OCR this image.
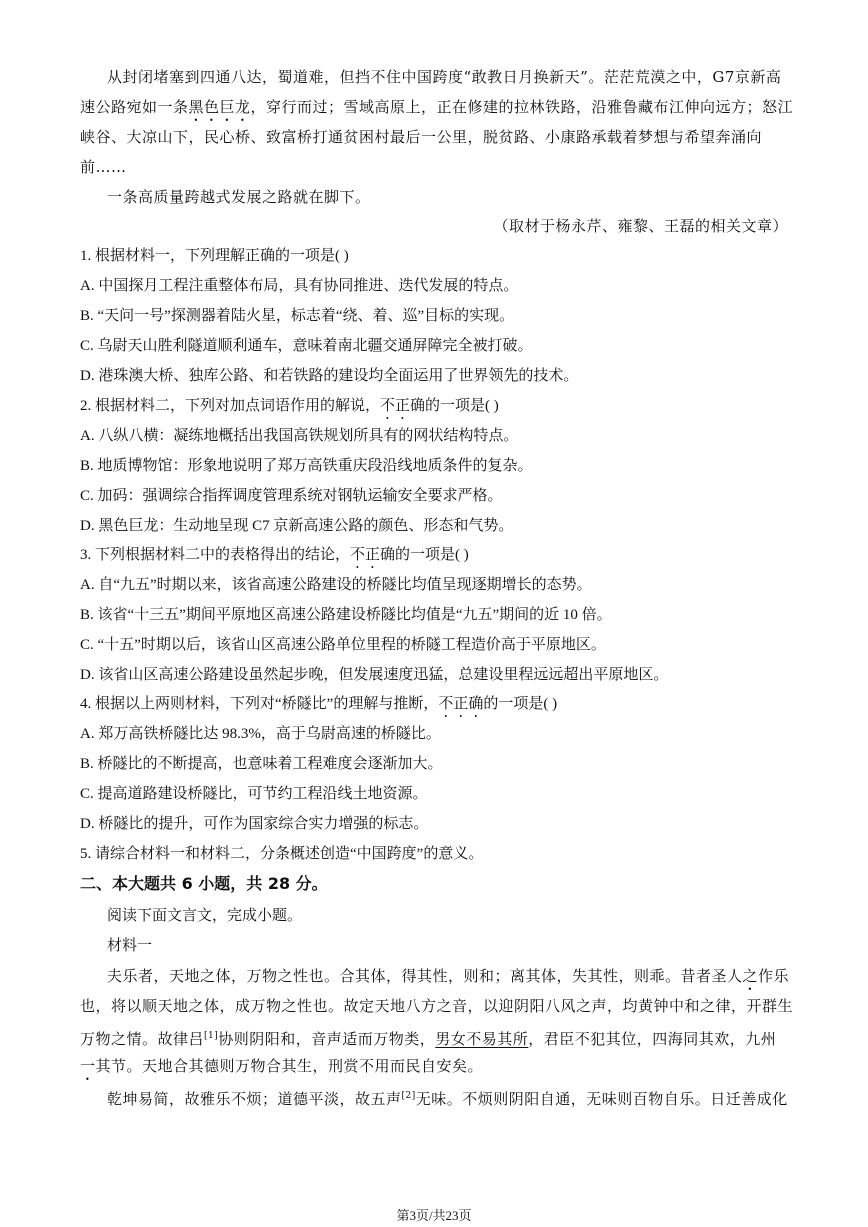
从封闭堵塞到四通八达，蜀道难，但挡不住中国跨度“敢教日月换新天”。茫茫荒漠之中，G7京新高
速公路宛如一条黑色巨龙，穿行而过；雪域高原上，正在修建的拉林铁路，沿雅鲁藏布江伸向远方；怒江
峡谷、大凉山下，民心桥、致富桥打通贫困村最后一公里，脱贫路、小康路承载着梦想与希望奔涌向
前……
一条高质量跨越式发展之路就在脚下。
（取材于杨永芹、雍黎、王磊的相关文章）
1. 根据材料一，下列理解正确的一项是( )
A. 中国探月工程注重整体布局，具有协同推进、迭代发展的特点。
B. “天问一号”探测器着陆火星，标志着“绕、着、巡”目标的实现。
C. 乌尉天山胜利隧道顺利通车，意味着南北疆交通屏障完全被打破。
D. 港珠澳大桥、独库公路、和若铁路的建设均全面运用了世界领先的技术。
2. 根据材料二，下列对加点词语作用的解说，不正确的一项是( )
A. 八纵八横：凝练地概括出我国高铁规划所具有的网状结构特点。
B. 地质博物馆：形象地说明了郑万高铁重庆段沿线地质条件的复杂。
C. 加码：强调综合指挥调度管理系统对钢轨运输安全要求严格。
D. 黑色巨龙：生动地呈现 C7 京新高速公路的颜色、形态和气势。
3. 下列根据材料二中的表格得出的结论，不正确的一项是( )
A. 自“九五”时期以来，该省高速公路建设的桥隧比均值呈现逐期增长的态势。
B. 该省“十三五”期间平原地区高速公路建设桥隧比均值是“九五”期间的近 10 倍。
C. “十五”时期以后，该省山区高速公路单位里程的桥隧工程造价高于平原地区。
D. 该省山区高速公路建设虽然起步晚，但发展速度迅猛，总建设里程远远超出平原地区。
4. 根据以上两则材料，下列对“桥隧比”的理解与推断，不正确的一项是( )
A. 郑万高铁桥隧比达 98.3%，高于乌尉高速的桥隧比。
B. 桥隧比的不断提高，也意味着工程难度会逐渐加大。
C. 提高道路建设桥隧比，可节约工程沿线土地资源。
D. 桥隧比的提升，可作为国家综合实力增强的标志。
5. 请综合材料一和材料二，分条概述创造“中国跨度”的意义。
二、本大题共 6 小题，共 28 分。
阅读下面文言文，完成小题。
材料一
夫乐者，天地之体，万物之性也。合其体，得其性，则和；离其体，失其性，则乖。昔者圣人之作乐
也，将以顺天地之体，成万物之性也。故定天地八方之音，以迎阴阳八风之声，均黄钟中和之律，开群生
万物之情。故律吕[1]协则阴阳和，音声适而万物类，男女不易其所，君臣不犯其位，四海同其欢，九州
一其节。天地合其德则万物合其生，刑赏不用而民自安矣。
乾坤易简，故雅乐不烦；道德平淡，故五声[2]无味。不烦则阴阳自通，无味则百物自乐。日迁善成化
第3页/共23页
